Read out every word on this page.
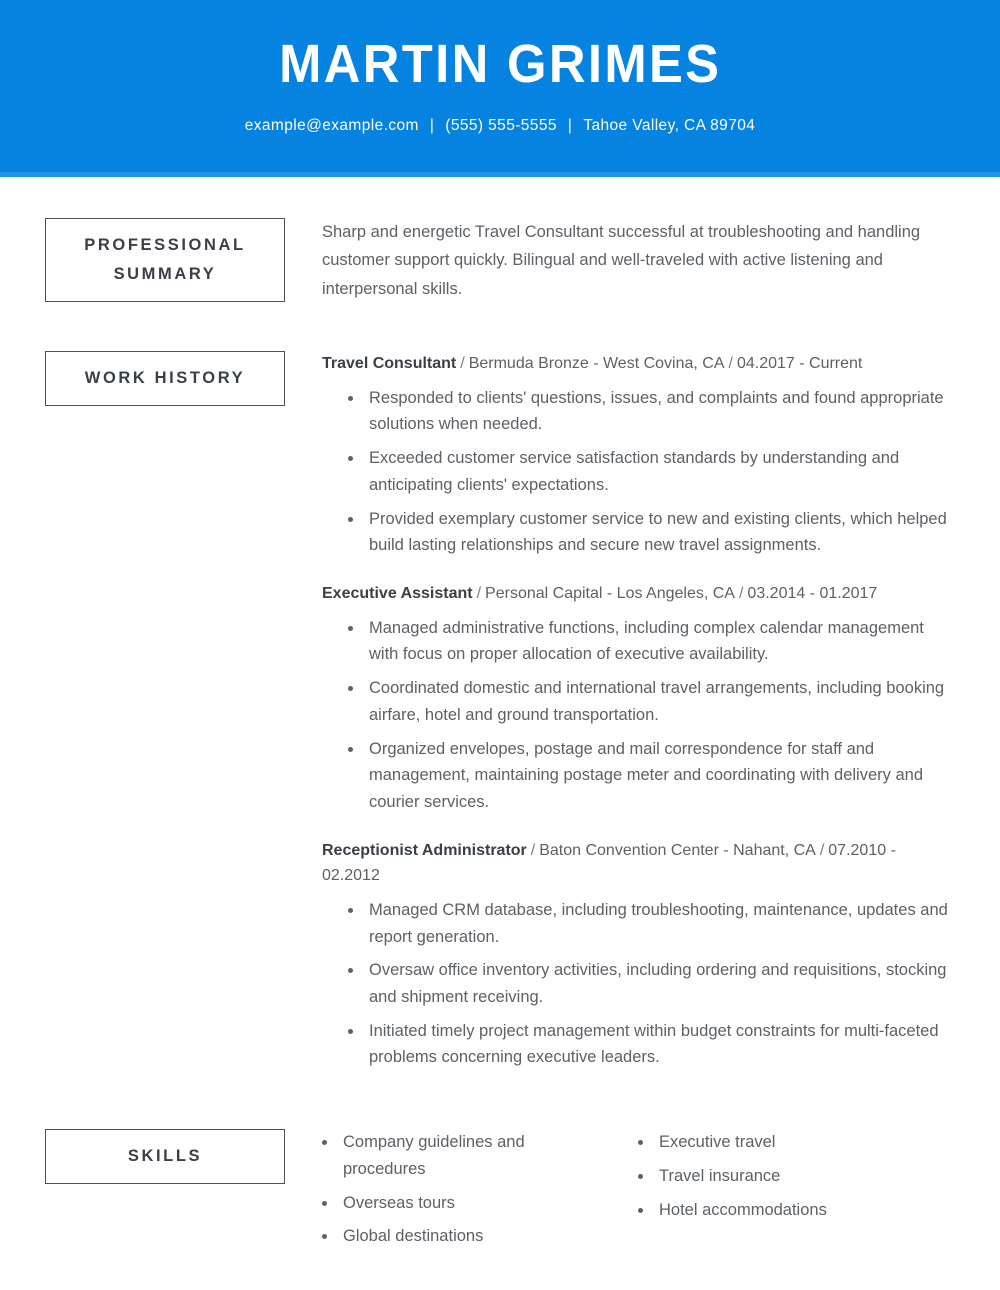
MARTIN GRIMES
example@example.com | (555) 555-5555 | Tahoe Valley, CA 89704
PROFESSIONAL
SUMMARY

Sharp and energetic Travel Consultant successful at troubleshooting and handling customer support quickly. Bilingual and well-traveled with active listening and interpersonal skills.

WORK HISTORY
Travel Consultant / Bermuda Bronze - West Covina, CA / 04.2017 - Current
Responded to clients' questions, issues, and complaints and found appropriate solutions when needed.
Exceeded customer service satisfaction standards by understanding and anticipating clients' expectations.
Provided exemplary customer service to new and existing clients, which helped build lasting relationships and secure new travel assignments.
Executive Assistant / Personal Capital - Los Angeles, CA / 03.2014 - 01.2017
Managed administrative functions, including complex calendar management with focus on proper allocation of executive availability.
Coordinated domestic and international travel arrangements, including booking airfare, hotel and ground transportation.
Organized envelopes, postage and mail correspondence for staff and management, maintaining postage meter and coordinating with delivery and courier services.
Receptionist Administrator / Baton Convention Center - Nahant, CA / 07.2010 - 02.2012
Managed CRM database, including troubleshooting, maintenance, updates and report generation.
Oversaw office inventory activities, including ordering and requisitions, stocking and shipment receiving.
Initiated timely project management within budget constraints for multi-faceted problems concerning executive leaders.
SKILLS
Company guidelines and procedures
Overseas tours
Global destinations
Executive travel
Travel insurance
Hotel accommodations
